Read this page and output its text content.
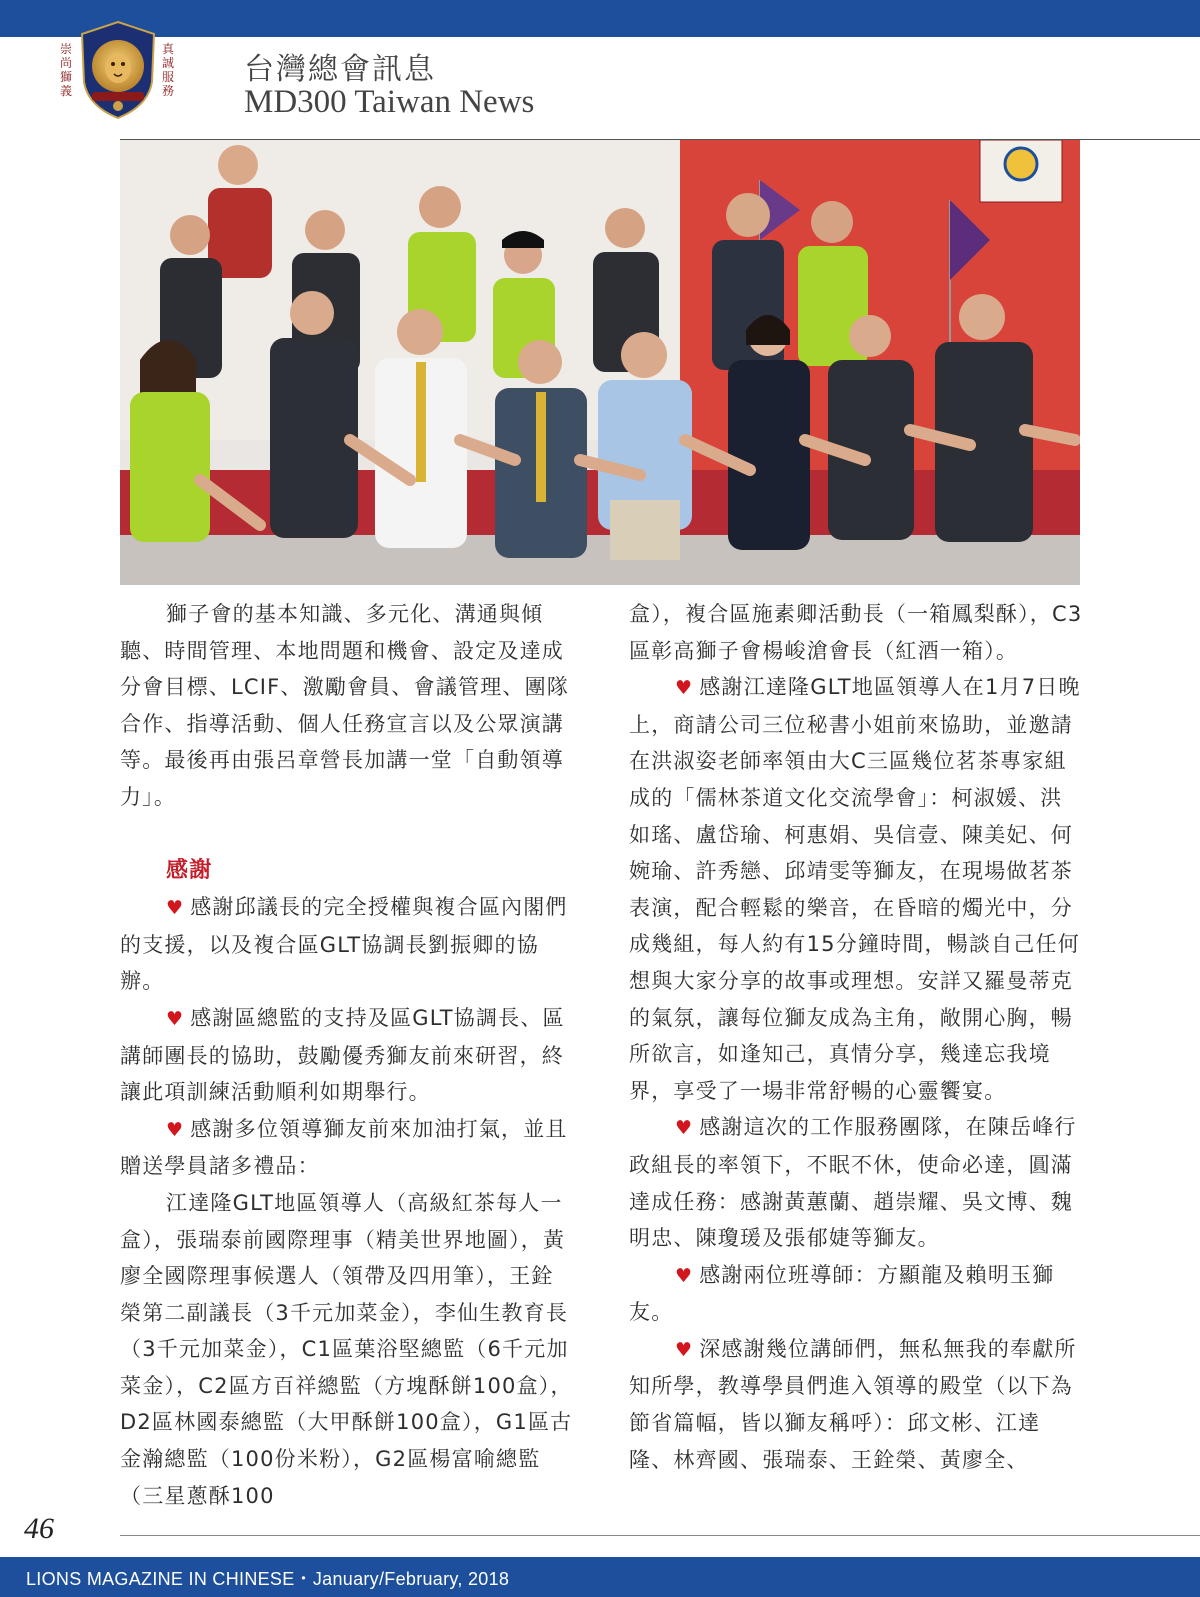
崇
尚
獅
義
真
誠
服
務
台灣總會訊息
MD300 Taiwan News

獅子會的基本知識、多元化、溝通與傾聽、時間管理、本地問題和機會、設定及達成分會目標、LCIF、激勵會員、會議管理、團隊合作、指導活動、個人任務宣言以及公眾演講等。最後再由張呂章營長加講一堂「自動領導力」。

感謝

♥ 感謝邱議長的完全授權與複合區內閣們的支援，以及複合區GLT協調長劉振卿的協辦。

♥ 感謝區總監的支持及區GLT協調長、區講師團長的協助，鼓勵優秀獅友前來研習，終讓此項訓練活動順利如期舉行。

♥ 感謝多位領導獅友前來加油打氣，並且贈送學員諸多禮品：

江達隆GLT地區領導人（高級紅茶每人一盒），張瑞泰前國際理事（精美世界地圖），黃廖全國際理事候選人（領帶及四用筆），王銓榮第二副議長（3千元加菜金），李仙生教育長（3千元加菜金），C1區葉浴堅總監（6千元加菜金），C2區方百祥總監（方塊酥餅100盒），D2區林國泰總監（大甲酥餅100盒），G1區古金瀚總監（100份米粉），G2區楊富喻總監（三星蔥酥100

盒），複合區施素卿活動長（一箱鳳梨酥），C3區彰高獅子會楊峻滄會長（紅酒一箱）。

♥ 感謝江達隆GLT地區領導人在1月7日晚上，商請公司三位秘書小姐前來協助，並邀請在洪淑姿老師率領由大C三區幾位茗茶專家組成的「儒林茶道文化交流學會」：柯淑媛、洪如瑤、盧岱瑜、柯惠娟、吳信壹、陳美妃、何婉瑜、許秀戀、邱靖雯等獅友，在現場做茗茶表演，配合輕鬆的樂音，在昏暗的燭光中，分成幾組，每人約有15分鐘時間，暢談自己任何想與大家分享的故事或理想。安詳又羅曼蒂克的氣氛，讓每位獅友成為主角，敞開心胸，暢所欲言，如逢知己，真情分享，幾達忘我境界，享受了一場非常舒暢的心靈饗宴。

♥ 感謝這次的工作服務團隊，在陳岳峰行政組長的率領下，不眠不休，使命必達，圓滿達成任務：感謝黃蕙蘭、趙崇耀、吳文博、魏明忠、陳瓊瑗及張郁婕等獅友。

♥ 感謝兩位班導師：方顯龍及賴明玉獅友。

♥ 深感謝幾位講師們，無私無我的奉獻所知所學，教導學員們進入領導的殿堂（以下為節省篇幅，皆以獅友稱呼）：邱文彬、江達隆、林齊國、張瑞泰、王銓榮、黃廖全、

46
LIONS MAGAZINE IN CHINESE・January/February, 2018
